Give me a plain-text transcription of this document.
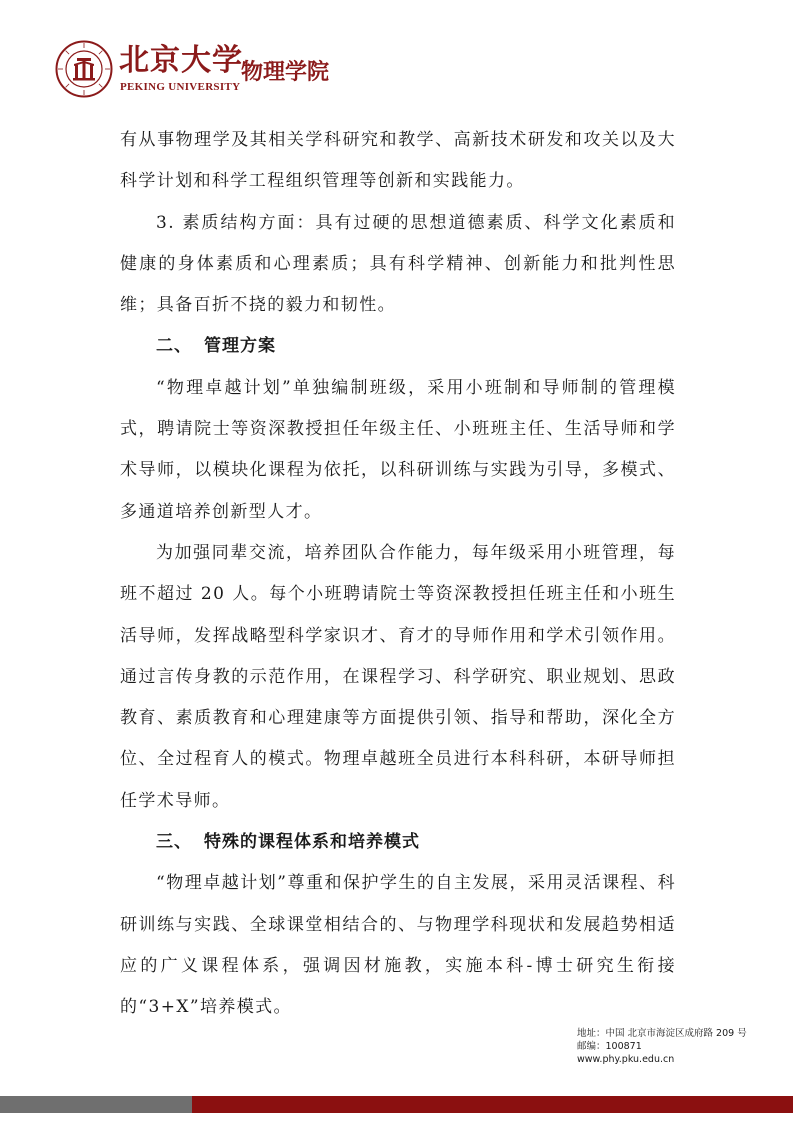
北京大学
PEKING UNIVERSITY
物理学院

有从事物理学及其相关学科研究和教学、高新技术研发和攻关以及大科学计划和科学工程组织管理等创新和实践能力。

3. 素质结构方面：具有过硬的思想道德素质、科学文化素质和健康的身体素质和心理素质；具有科学精神、创新能力和批判性思维；具备百折不挠的毅力和韧性。

二、 管理方案

“物理卓越计划”单独编制班级，采用小班制和导师制的管理模式，聘请院士等资深教授担任年级主任、小班班主任、生活导师和学术导师，以模块化课程为依托，以科研训练与实践为引导，多模式、多通道培养创新型人才。

为加强同辈交流，培养团队合作能力，每年级采用小班管理，每班不超过 20 人。每个小班聘请院士等资深教授担任班主任和小班生活导师，发挥战略型科学家识才、育才的导师作用和学术引领作用。通过言传身教的示范作用，在课程学习、科学研究、职业规划、思政教育、素质教育和心理建康等方面提供引领、指导和帮助，深化全方位、全过程育人的模式。物理卓越班全员进行本科科研，本研导师担任学术导师。

三、 特殊的课程体系和培养模式

“物理卓越计划”尊重和保护学生的自主发展，采用灵活课程、科研训练与实践、全球课堂相结合的、与物理学科现状和发展趋势相适应的广义课程体系，强调因材施教，实施本科-博士研究生衔接的“3+X”培养模式。

地址：中国 北京市海淀区成府路 209 号
邮编：100871
www.phy.pku.edu.cn
